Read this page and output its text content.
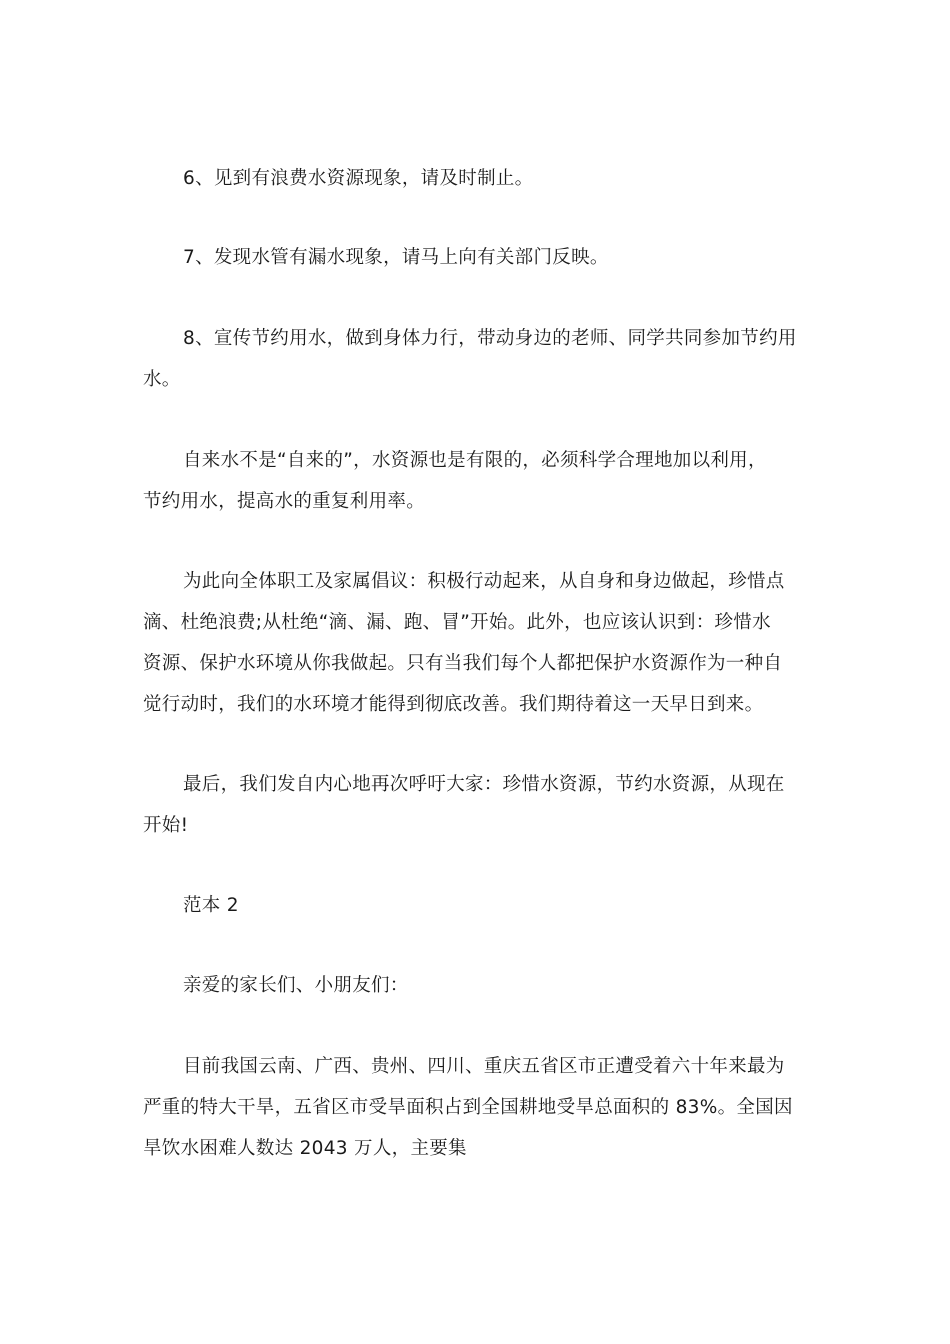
6、见到有浪费水资源现象，请及时制止。

7、发现水管有漏水现象，请马上向有关部门反映。

8、宣传节约用水，做到身体力行，带动身边的老师、同学共同参加节约用
水。

自来水不是“自来的”，水资源也是有限的，必须科学合理地加以利用，
节约用水，提高水的重复利用率。

为此向全体职工及家属倡议：积极行动起来，从自身和身边做起，珍惜点
滴、杜绝浪费;从杜绝“滴、漏、跑、冒”开始。此外，也应该认识到：珍惜水
资源、保护水环境从你我做起。只有当我们每个人都把保护水资源作为一种自
觉行动时，我们的水环境才能得到彻底改善。我们期待着这一天早日到来。

最后，我们发自内心地再次呼吁大家：珍惜水资源，节约水资源，从现在
开始!

范本 2

亲爱的家长们、小朋友们：

目前我国云南、广西、贵州、四川、重庆五省区市正遭受着六十年来最为
严重的特大干旱，五省区市受旱面积占到全国耕地受旱总面积的 83%。全国因
旱饮水困难人数达 2043 万人，主要集
